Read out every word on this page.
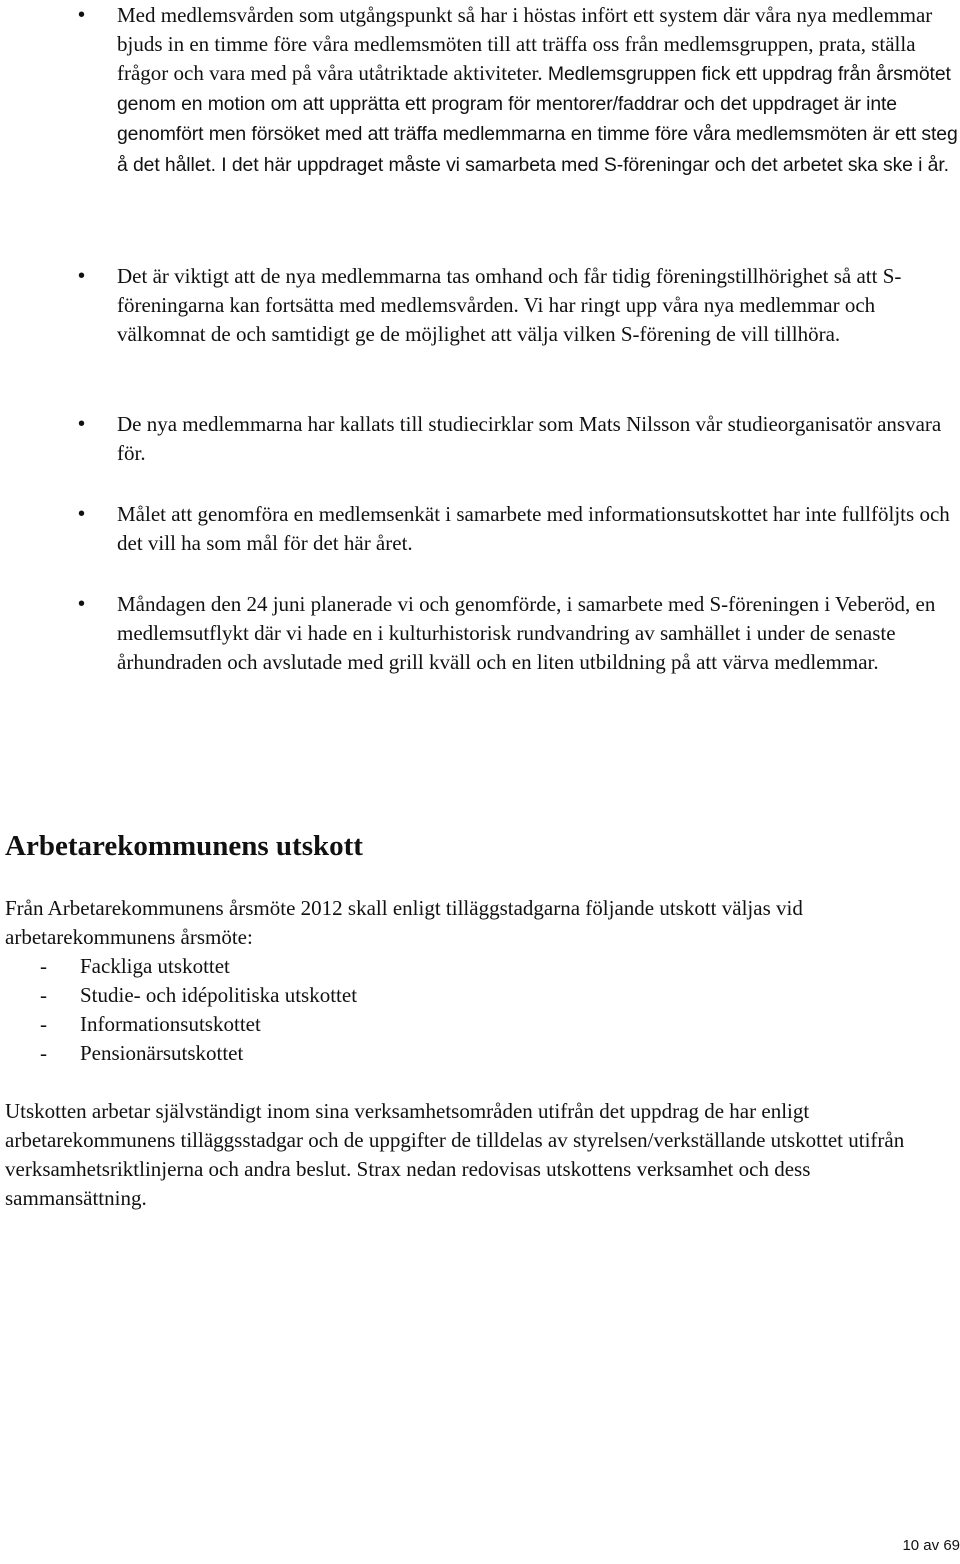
• Med medlemsvården som utgångspunkt så har i höstas infört ett system där våra nya medlemmar bjuds in en timme före våra medlemsmöten till att träffa oss från medlemsgruppen, prata, ställa frågor och vara med på våra utåtriktade aktiviteter. Medlemsgruppen fick ett uppdrag från årsmötet genom en motion om att upprätta ett program för mentorer/faddrar och det uppdraget är inte genomfört men försöket med att träffa medlemmarna en timme före våra medlemsmöten är ett steg å det hållet. I det här uppdraget måste vi samarbeta med S-föreningar och det arbetet ska ske i år.

• Det är viktigt att de nya medlemmarna tas omhand och får tidig föreningstillhörighet så att S-föreningarna kan fortsätta med medlemsvården. Vi har ringt upp våra nya medlemmar och välkomnat de och samtidigt ge de möjlighet att välja vilken S-förening de vill tillhöra.

• De nya medlemmarna har kallats till studiecirklar som Mats Nilsson vår studieorganisatör ansvara för.

• Målet att genomföra en medlemsenkät i samarbete med informationsutskottet har inte fullföljts och det vill ha som mål för det här året.

• Måndagen den 24 juni planerade vi och genomförde, i samarbete med S-föreningen i Veberöd, en medlemsutflykt där vi hade en i kulturhistorisk rundvandring av samhället i under de senaste århundraden och avslutade med grill kväll och en liten utbildning på att värva medlemmar.

Arbetarekommunens utskott

Från Arbetarekommunens årsmöte 2012 skall enligt tilläggstadgarna följande utskott väljas vid arbetarekommunens årsmöte:

- Fackliga utskottet
- Studie- och idépolitiska utskottet
- Informationsutskottet
- Pensionärsutskottet

Utskotten arbetar självständigt inom sina verksamhetsområden utifrån det uppdrag de har enligt arbetarekommunens tilläggsstadgar och de uppgifter de tilldelas av styrelsen/verkställande utskottet utifrån verksamhetsriktlinjerna och andra beslut. Strax nedan redovisas utskottens verksamhet och dess sammansättning.

10 av 69
